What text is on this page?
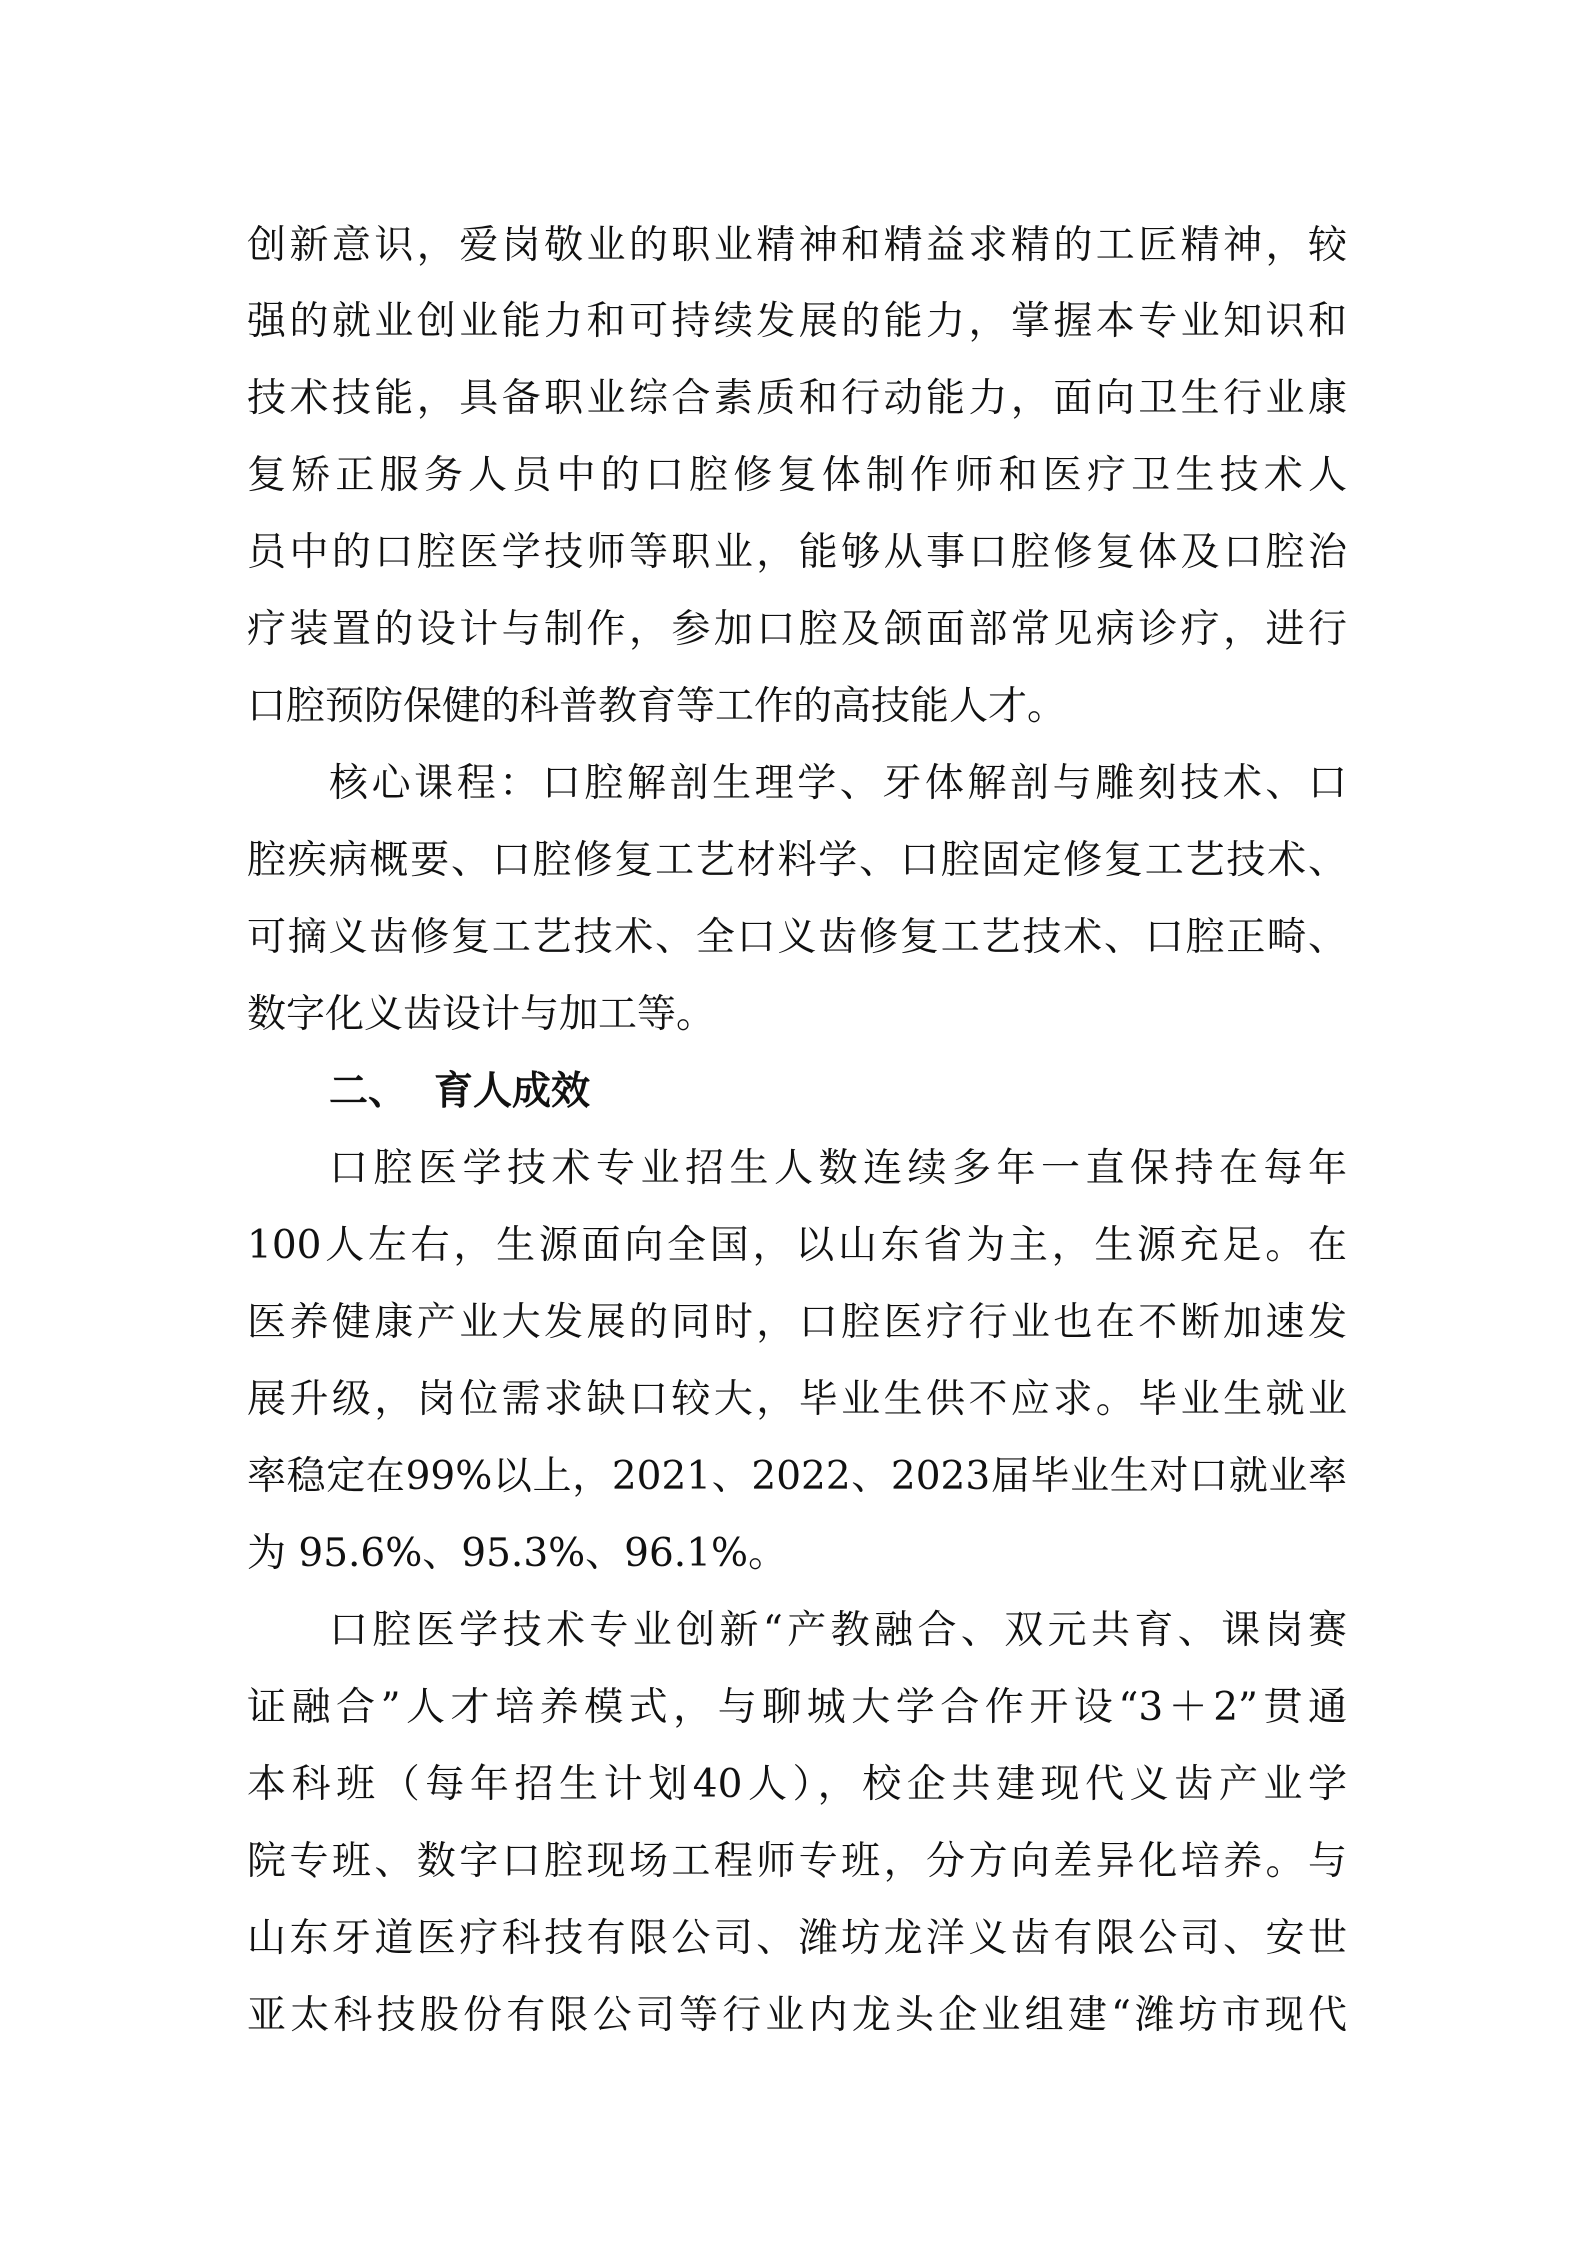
创新意识，爱岗敬业的职业精神和精益求精的工匠精神，较
强的就业创业能力和可持续发展的能力，掌握本专业知识和
技术技能，具备职业综合素质和行动能力，面向卫生行业康
复矫正服务人员中的口腔修复体制作师和医疗卫生技术人
员中的口腔医学技师等职业，能够从事口腔修复体及口腔治
疗装置的设计与制作，参加口腔及颌面部常见病诊疗，进行
口腔预防保健的科普教育等工作的高技能人才。
核心课程：口腔解剖生理学、牙体解剖与雕刻技术、口
腔疾病概要、口腔修复工艺材料学、口腔固定修复工艺技术、
可摘义齿修复工艺技术、全口义齿修复工艺技术、口腔正畸、
数字化义齿设计与加工等。
二、 育人成效
口腔医学技术专业招生人数连续多年一直保持在每年
100人左右，生源面向全国，以山东省为主，生源充足。在
医养健康产业大发展的同时，口腔医疗行业也在不断加速发
展升级，岗位需求缺口较大，毕业生供不应求。毕业生就业
率稳定在99%以上，2021、2022、2023届毕业生对口就业率
为 95.6%、95.3%、96.1%。
口腔医学技术专业创新“产教融合、双元共育、课岗赛
证融合”人才培养模式，与聊城大学合作开设“3＋2”贯通
本科班（每年招生计划40人），校企共建现代义齿产业学
院专班、数字口腔现场工程师专班，分方向差异化培养。与
山东牙道医疗科技有限公司、潍坊龙洋义齿有限公司、安世
亚太科技股份有限公司等行业内龙头企业组建“潍坊市现代
